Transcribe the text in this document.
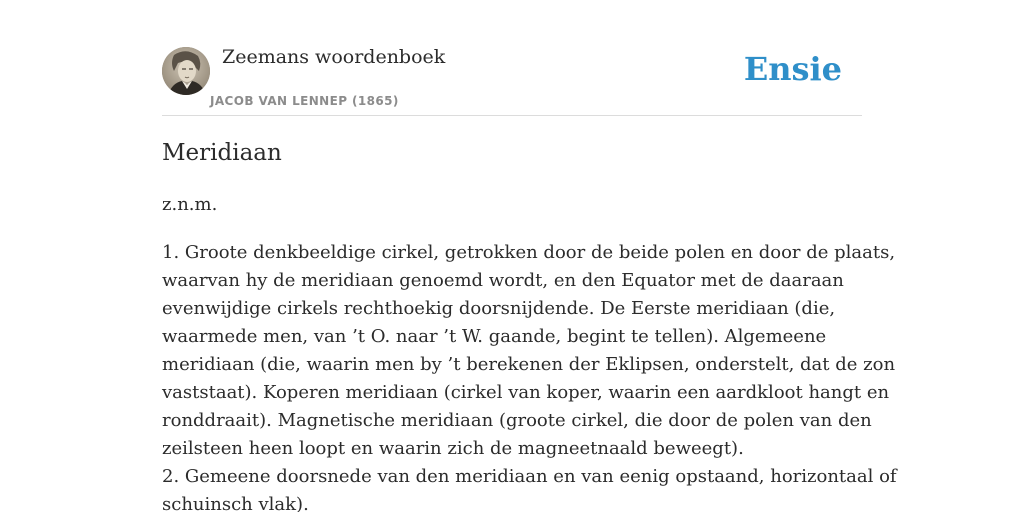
Zeemans woordenboek
JACOB VAN LENNEP (1865)
Ensie
Meridiaan
z.n.m.

1. Groote denkbeeldige cirkel, getrokken door de beide polen en door de plaats,

waarvan hy de meridiaan genoemd wordt, en den Equator met de daaraan

evenwijdige cirkels rechthoekig doorsnijdende. De Eerste meridiaan (die,

waarmede men, van ’t O. naar ’t W. gaande, begint te tellen). Algemeene

meridiaan (die, waarin men by ’t berekenen der Eklipsen, onderstelt, dat de zon

vaststaat). Koperen meridiaan (cirkel van koper, waarin een aardkloot hangt en

ronddraait). Magnetische meridiaan (groote cirkel, die door de polen van den

zeilsteen heen loopt en waarin zich de magneetnaald beweegt).

2. Gemeene doorsnede van den meridiaan en van eenig opstaand, horizontaal of

schuinsch vlak).
